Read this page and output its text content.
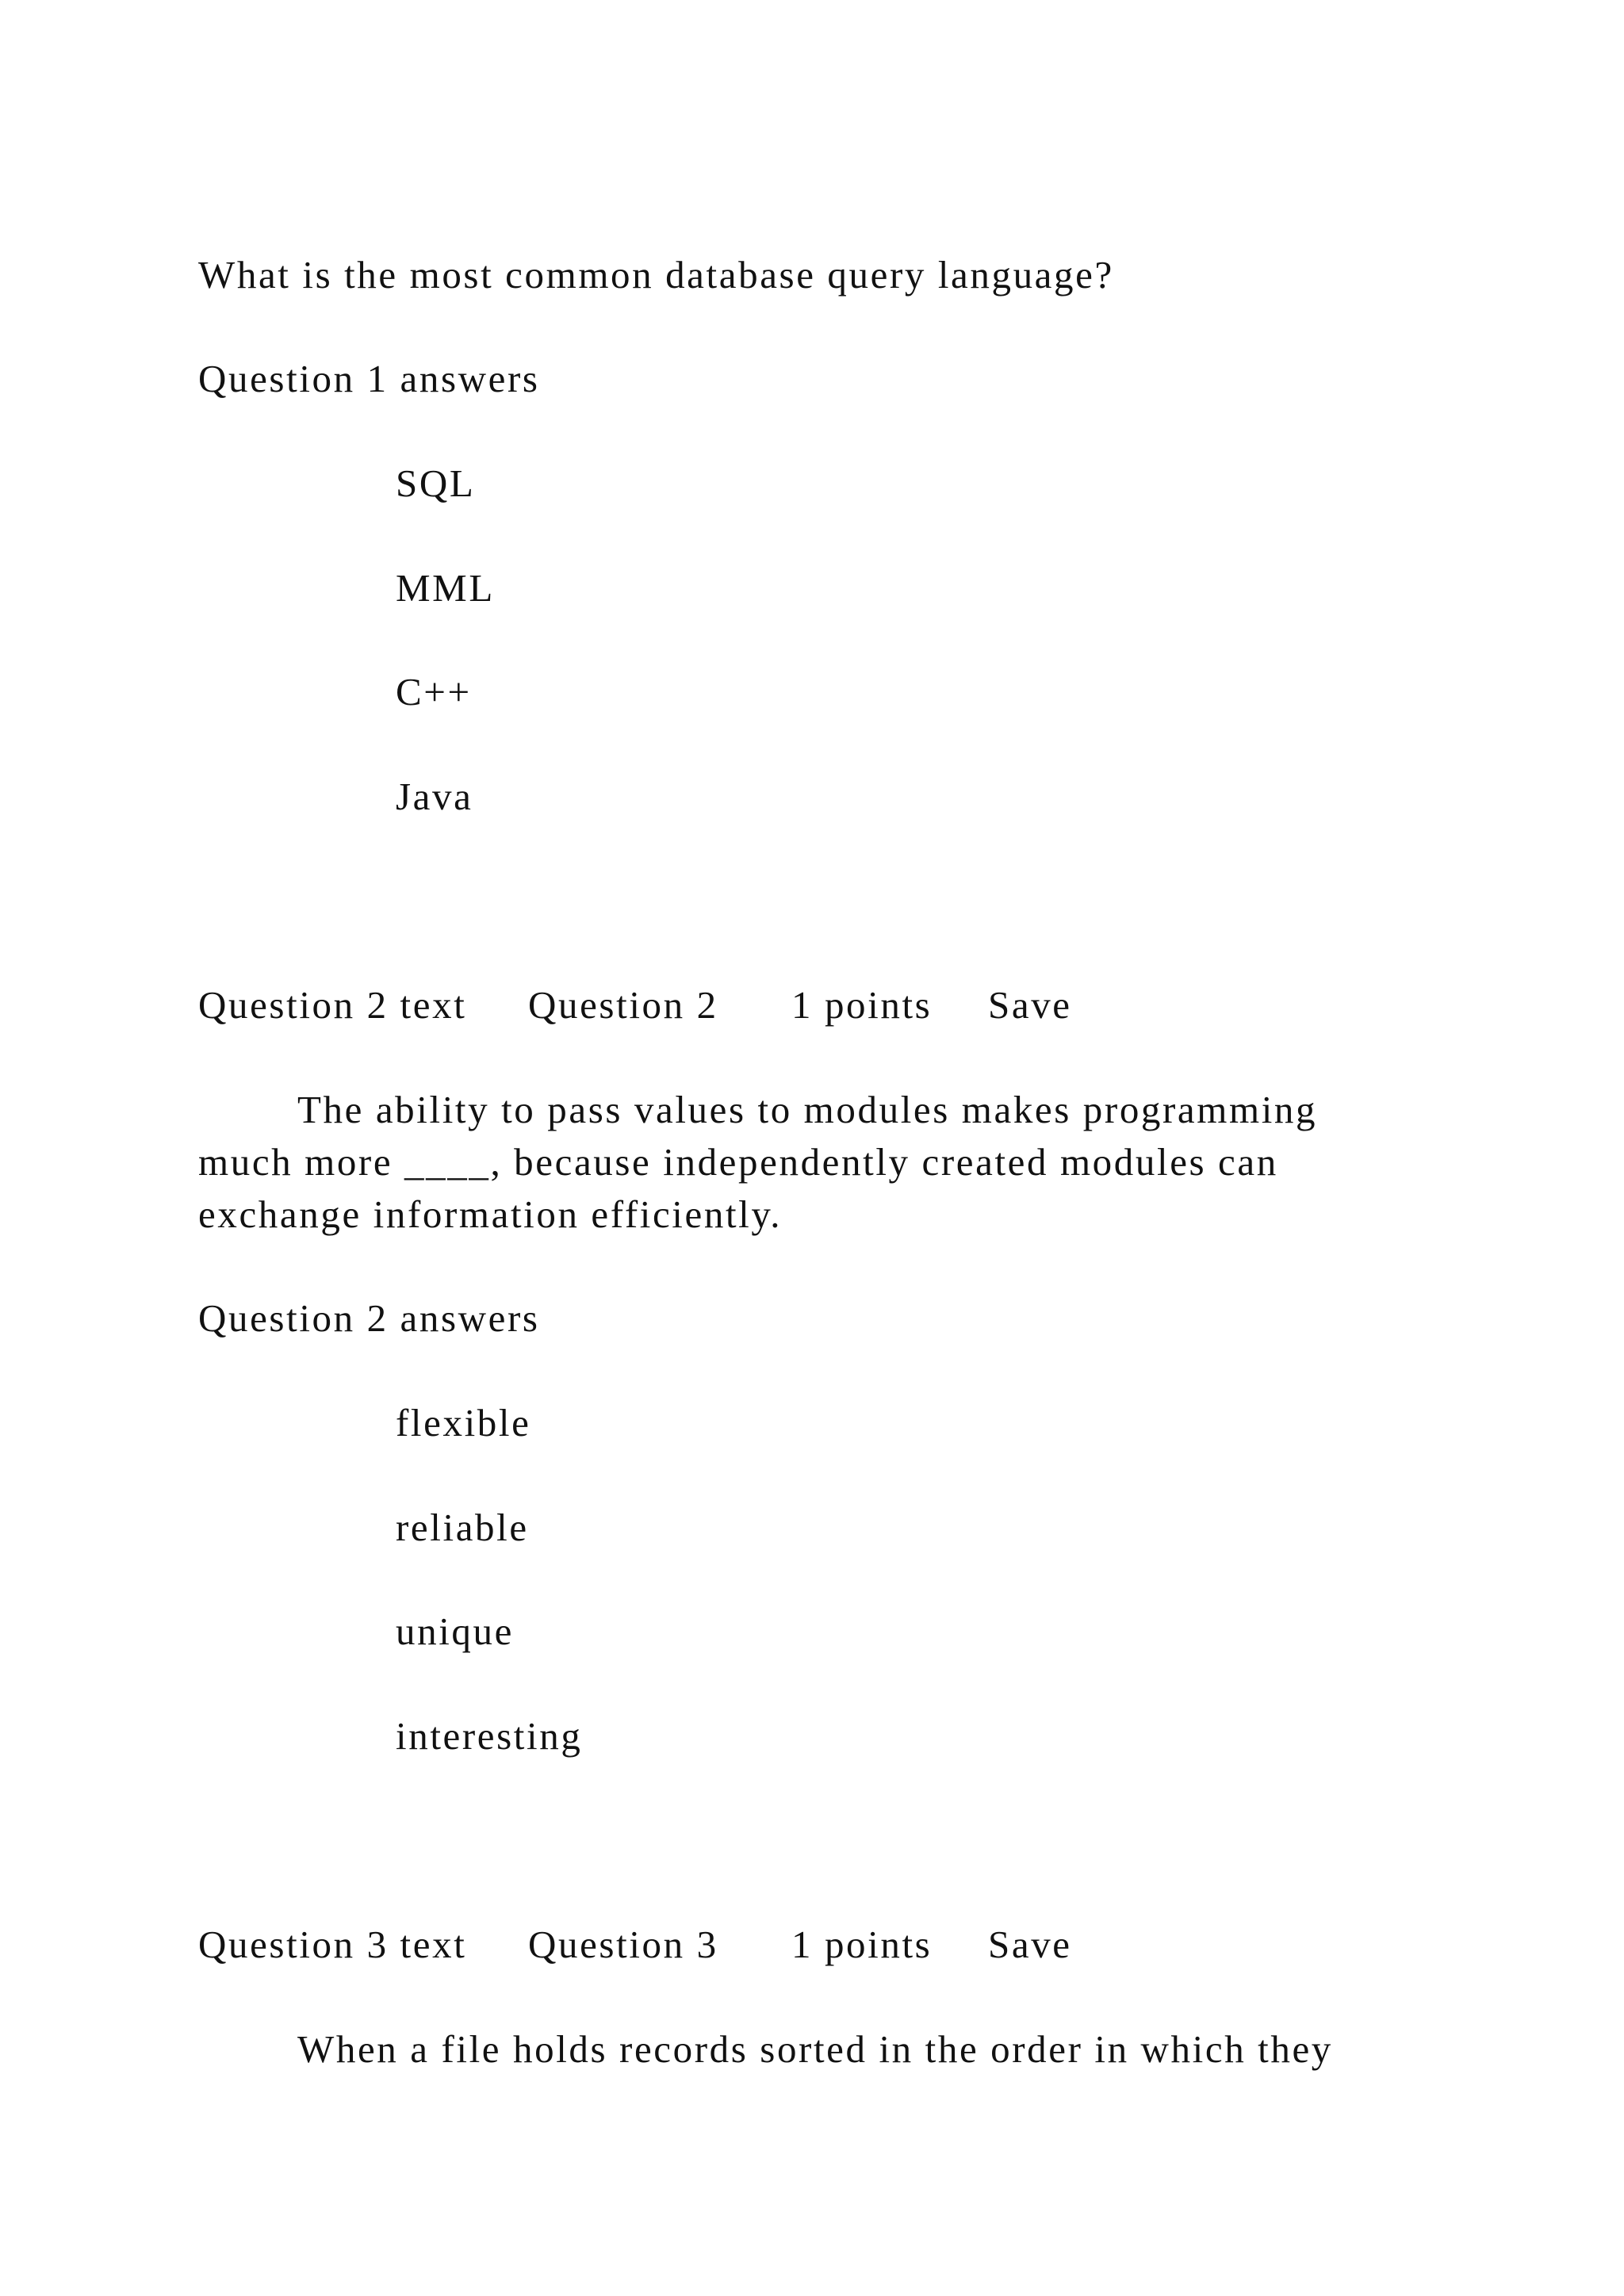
What is the most common database query language?
Question 1 answers
SQL
MML
C++
Java
Question 2 text Question 2 1 points Save
The ability to pass values to modules makes programming
much more ____, because independently created modules can
exchange information efficiently.
Question 2 answers
flexible
reliable
unique
interesting
Question 3 text Question 3 1 points Save
When a file holds records sorted in the order in which they
